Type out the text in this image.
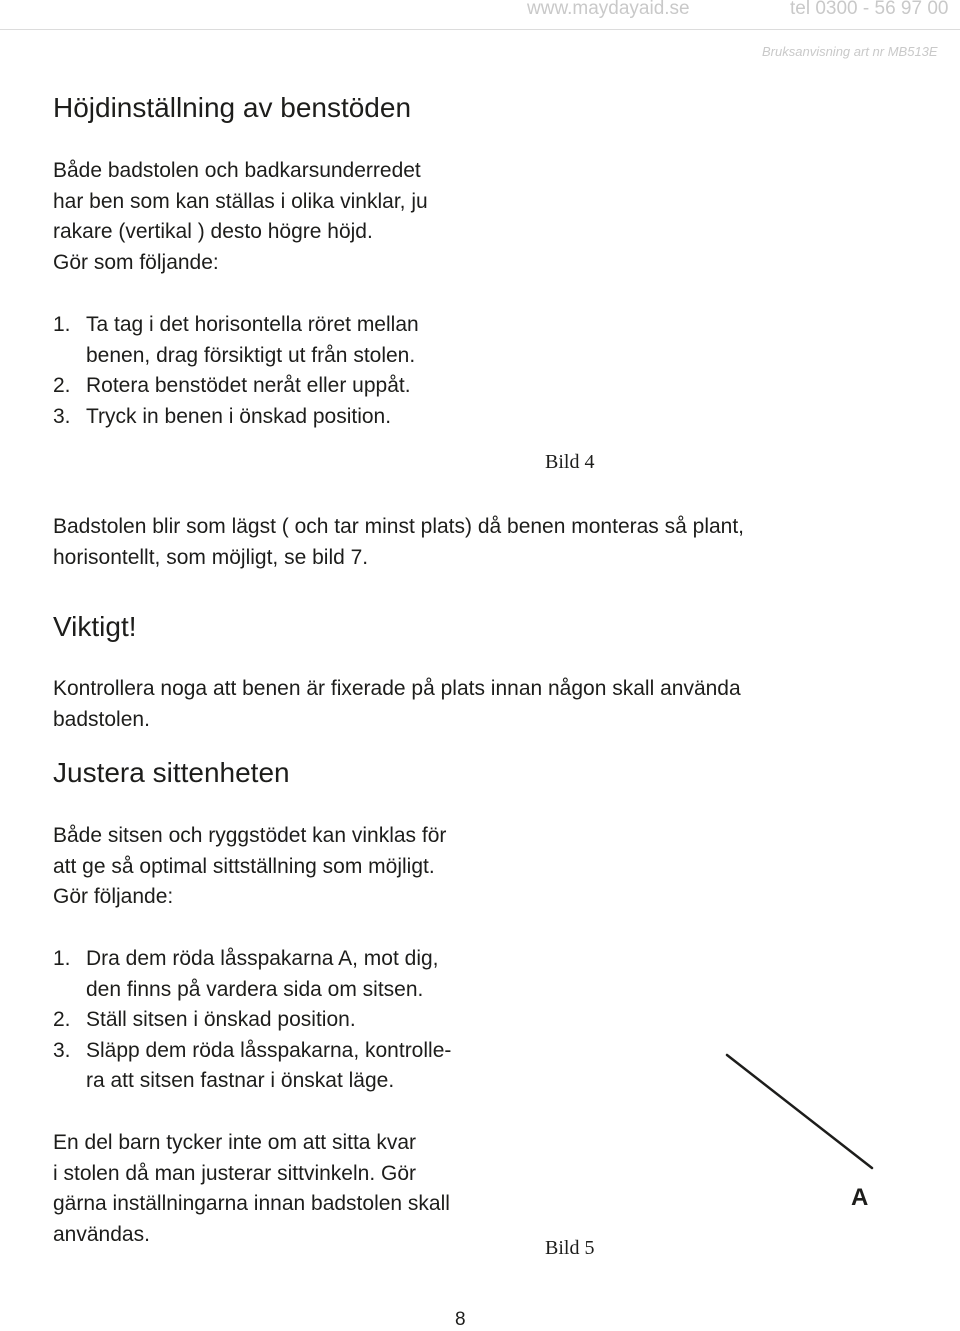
www.maydayaid.se	tel 0300 - 56 97 00
Bruksanvisning art nr MB513E
Höjdinställning av benstöden
Både badstolen och badkarsunderredet
har ben som kan ställas i olika vinklar, ju
rakare (vertikal ) desto högre höjd.
Gör som följande:
1. Ta tag i det horisontella röret mellan
benen, drag försiktigt ut från stolen.
2. Rotera benstödet neråt eller uppåt.
3. Tryck in benen i önskad position.
Bild 4
Badstolen blir som lägst ( och tar minst plats) då benen monteras så plant,
horisontellt, som möjligt, se bild 7.
Viktigt!
Kontrollera noga att benen är fixerade på plats innan någon skall använda
badstolen.
Justera sittenheten
Både sitsen och ryggstödet kan vinklas för
att ge så optimal sittställning som möjligt.
Gör följande:
1. Dra dem röda låsspakarna A, mot dig,
den finns på vardera sida om sitsen.
2. Ställ sitsen i önskad position.
3. Släpp dem röda låsspakarna, kontrolle-
ra att sitsen fastnar i önskat läge.
En del barn tycker inte om att sitta kvar
i stolen då man justerar sittvinkeln. Gör
gärna inställningarna innan badstolen skall
användas.
A
Bild 5
8
